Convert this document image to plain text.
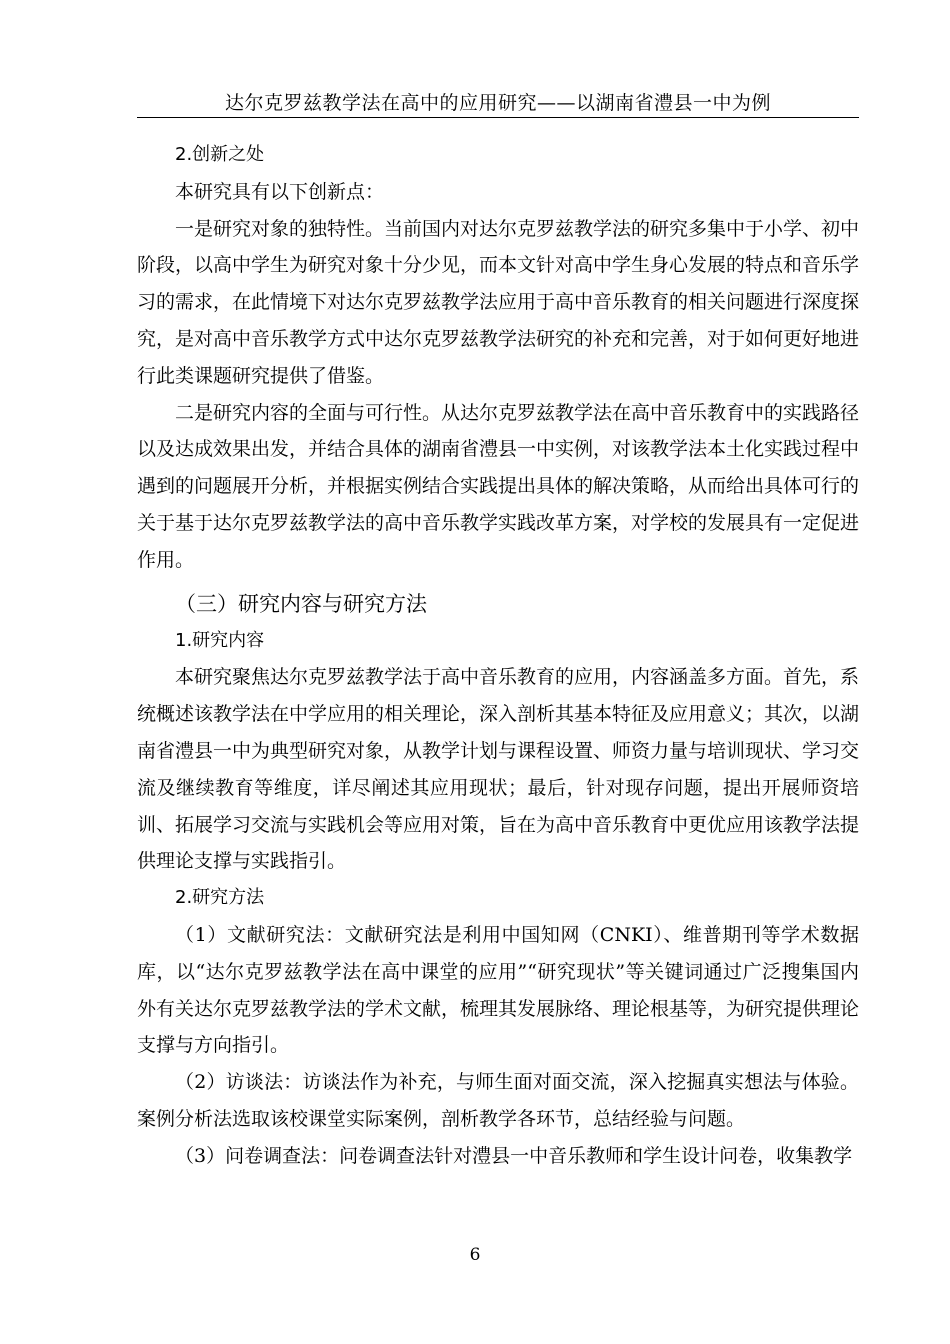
达尔克罗兹教学法在高中的应用研究——以湖南省澧县一中为例

2.创新之处

本研究具有以下创新点：

一是研究对象的独特性。当前国内对达尔克罗兹教学法的研究多集中于小学、初中阶段，以高中学生为研究对象十分少见，而本文针对高中学生身心发展的特点和音乐学习的需求，在此情境下对达尔克罗兹教学法应用于高中音乐教育的相关问题进行深度探究，是对高中音乐教学方式中达尔克罗兹教学法研究的补充和完善，对于如何更好地进行此类课题研究提供了借鉴。

二是研究内容的全面与可行性。从达尔克罗兹教学法在高中音乐教育中的实践路径以及达成效果出发，并结合具体的湖南省澧县一中实例，对该教学法本土化实践过程中遇到的问题展开分析，并根据实例结合实践提出具体的解决策略，从而给出具体可行的关于基于达尔克罗兹教学法的高中音乐教学实践改革方案，对学校的发展具有一定促进作用。

（三）研究内容与研究方法

1.研究内容

本研究聚焦达尔克罗兹教学法于高中音乐教育的应用，内容涵盖多方面。首先，系统概述该教学法在中学应用的相关理论，深入剖析其基本特征及应用意义；其次，以湖南省澧县一中为典型研究对象，从教学计划与课程设置、师资力量与培训现状、学习交流及继续教育等维度，详尽阐述其应用现状；最后，针对现存问题，提出开展师资培训、拓展学习交流与实践机会等应用对策，旨在为高中音乐教育中更优应用该教学法提供理论支撑与实践指引。

2.研究方法

（1）文献研究法：文献研究法是利用中国知网（CNKI）、维普期刊等学术数据库，以“达尔克罗兹教学法在高中课堂的应用”“研究现状”等关键词通过广泛搜集国内外有关达尔克罗兹教学法的学术文献，梳理其发展脉络、理论根基等，为研究提供理论支撑与方向指引。

（2）访谈法：访谈法作为补充，与师生面对面交流，深入挖掘真实想法与体验。案例分析法选取该校课堂实际案例，剖析教学各环节，总结经验与问题。

（3）问卷调查法：问卷调查法针对澧县一中音乐教师和学生设计问卷，收集教学

6
